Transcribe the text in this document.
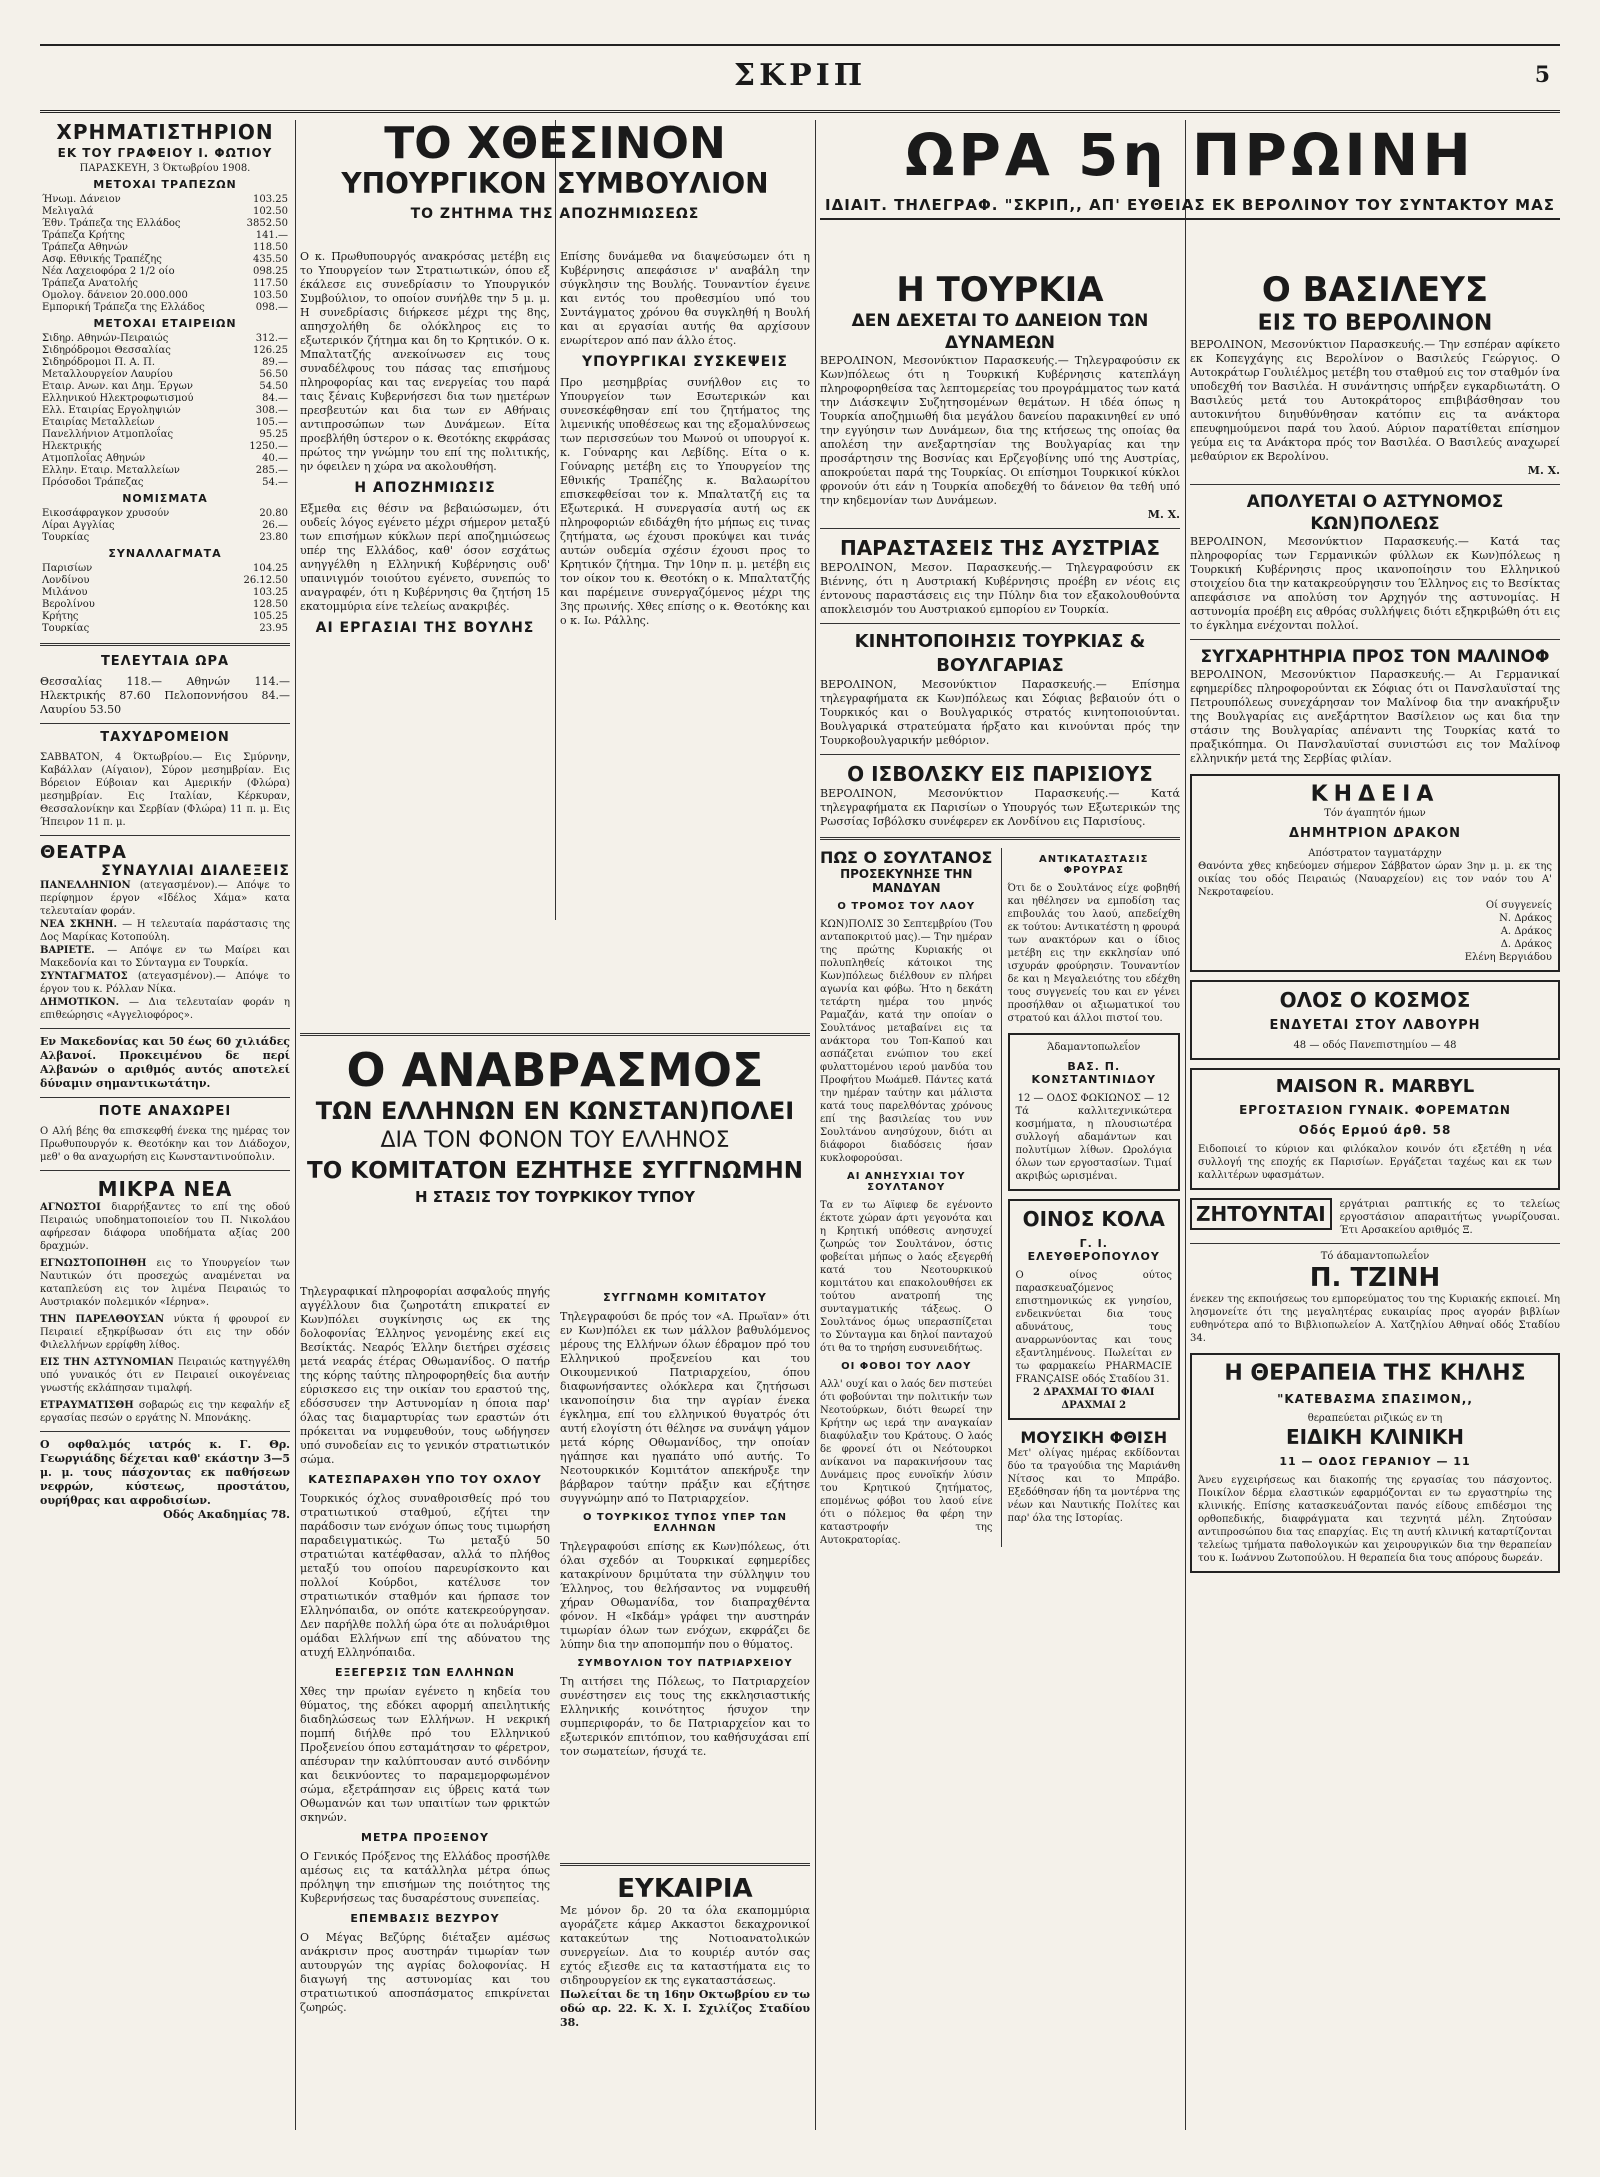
ΣΚΡΙΠ	5
ΧΡΗΜΑΤΙΣΤΗΡΙΟΝ
ΕΚ ΤΟΥ ΓΡΑΦΕΙΟΥ Ι. ΦΩΤΙΟΥ
ΠΑΡΑΣΚΕΥΗ, 3 Όκτωβρίου 1908.
ΜΕΤΟΧΑΙ ΤΡΑΠΕΖΩΝ
Ήνωμ. Δάνειον	103.25
Μελιγαλά	102.50
Έθν. Τράπεζα της Ελλάδος	3852.50
Τράπεζα Κρήτης	141.—
Τράπεζα Αθηνών	118.50
Ασφ. Εθνικής Τραπέζης	435.50
Νέα Λαχειοφόρα 2 1/2 οίο	098.25
Τράπεζα Ανατολής	117.50
Ομολογ. δάνειον 20.000.000	103.50
Εμπορική Τράπεζα της Ελλάδος	098.—
ΜΕΤΟΧΑΙ ΕΤΑΙΡΕΙΩΝ
Σιδηρ. Αθηνών-Πειραιώς	312.—
Σιδηρόδρομοι Θεσσαλίας	126.25
Σιδηρόδρομοι Π. Α. Π.	89.—
Μεταλλουργείον Λαυρίου	56.50
Εταιρ. Ανων. και Δημ. Έργων	54.50
Ελληνικού Ηλεκτροφωτισμού	84.—
Ελλ. Εταιρίας Εργοληψιών	308.—
Εταιρίας Μεταλλείων	105.—
Πανελλήνιον Ατμοπλοΐας	95.25
Ηλεκτρικής	1250.—
Ατμοπλοΐας Αθηνών	40.—
Ελλην. Εταιρ. Μεταλλείων	285.—
Πρόσοδοι Τράπεζας	54.—
ΝΟΜΙΣΜΑΤΑ
Εικοσάφραγκον χρυσούν	20.80
Λίραι Αγγλίας	26.—
Τουρκίας	23.80
ΣΥΝΑΛΛΑΓΜΑΤΑ
Παρισίων	104.25
Λονδίνου	26.12.50
Μιλάνου	103.25
Βερολίνου	128.50
Κρήτης	105.25
Τουρκίας	23.95
ΤΕΛΕΥΤΑΙΑ ΩΡΑ
Θεσσαλίας 118.— Αθηνών 114.— Ηλεκτρικής 87.60 Πελοποννήσου 84.— Λαυρίου 53.50
ΤΑΧΥΔΡΟΜΕΙΟΝ
ΣΑΒΒΑΤΟΝ, 4 Όκτωβρίου.— Εις Σμύρνην, Καβάλλαν (Αίγαιον), Σύρον μεσημβρίαν. Εις Βόρειον Εύβοιαν και Αμερικήν (Φλώρα) μεσημβρίαν. Εις Ιταλίαν, Κέρκυραν, Θεσσαλονίκην και Σερβίαν (Φλώρα) 11 π. μ. Εις Ήπειρον 11 π. μ.
ΘΕΑΤΡΑ
ΣΥΝΑΥΛΙΑΙ ΔΙΑΛΕΞΕΙΣ
ΠΑΝΕΛΛΗΝΙΟΝ (ατεγασμένον).— Απόψε το περίφημον έργον «Ιδέλος Χάμα» κατα τελευταίαν φοράν.
ΝΕΑ ΣΚΗΝΗ. — Η τελευταία παράστασις της Δος Μαρίκας Κοτοπούλη.
ΒΑΡΙΕΤΕ. — Απόψε εν τω Μαίρει και Μακεδονία και το Σύνταγμα εν Τουρκία.
ΣΥΝΤΑΓΜΑΤΟΣ (ατεγασμένον).— Απόψε το έργον του κ. Ρόλλαν Νίκα.
ΔΗΜΟΤΙΚΟΝ. — Δια τελευταίαν φοράν η επιθεώρησις «Αγγελιοφόρος».
Εν Μακεδονίας και 50 έως 60 χιλιάδες Αλβανοί. Προκειμένου δε περί Αλβανών ο αριθμός αυτός αποτελεί δύναμιν σημαντικωτάτην.
ΠΟΤΕ ΑΝΑΧΩΡΕΙ
Ο Αλή βέης θα επισκεφθή ένεκα της ημέρας τον Πρωθυπουργόν κ. Θεοτόκην και τον Διάδοχον, μεθ' ο θα αναχωρήση εις Κωνσταντινούπολιν.
ΜΙΚΡΑ ΝΕΑ
ΑΓΝΩΣΤΟΙ διαρρήξαντες το επί της οδού Πειραιώς υποδηματοποιείον του Π. Νικολάου αφήρεσαν διάφορα υποδήματα αξίας 200 δραχμών.
ΕΓΝΩΣΤΟΠΟΙΗΘΗ εις το Υπουργείον των Ναυτικών ότι προσεχώς αναμένεται να καταπλεύση εις τον λιμένα Πειραιώς το Αυστριακόν πολεμικόν «Ιέρηνα».
ΤΗΝ ΠΑΡΕΛΘΟΥΣΑΝ νύκτα ή φρουροί εν Πειραιεί εξηκρίβωσαν ότι εις την οδόν Φιλελλήνων ερρίφθη λίθος.
ΕΙΣ ΤΗΝ ΑΣΤΥΝΟΜΙΑΝ Πειραιώς κατηγγέλθη υπό γυναικός ότι εν Πειραιεί οικογένειας γνωστής εκλάπησαν τιμαλφή.
ΕΤΡΑΥΜΑΤΙΣΘΗ σοβαρώς εις την κεφαλήν εξ εργασίας πεσών ο εργάτης Ν. Μπονάκης.
Ο οφθαλμός ιατρός κ. Γ. Θρ. Γεωργιάδης δέχεται καθ' εκάστην 3—5 μ. μ. τους πάσχοντας εκ παθήσεων νεφρών, κύστεως, προστάτου, ουρήθρας και αφροδισίων.
Οδός Ακαδημίας 78.
ΤΟ ΧΘΕΣΙΝΟΝ
ΥΠΟΥΡΓΙΚΟΝ ΣΥΜΒΟΥΛΙΟΝ
ΤΟ ΖΗΤΗΜΑ ΤΗΣ ΑΠΟΖΗΜΙΩΣΕΩΣ
Ο κ. Πρωθυπουργός ανακρόσας μετέβη εις το Υπουργείον των Στρατιωτικών, όπου εξ έκάλεσε εις συνεδρίασιν το Υπουργικόν Συμβούλιον, το οποίον συνήλθε την 5 μ. μ. Η συνεδρίασις διήρκεσε μέχρι της 8ης, απησχολήθη δε ολόκληρος εις το εξωτερικόν ζήτημα και δη το Κρητικόν. Ο κ. Μπαλτατζής ανεκοίνωσεν εις τους συναδέλφους του πάσας τας επισήμους πληροφορίας και τας ενεργείας του παρά ταις ξέναις Κυβερνήσεσι δια των ημετέρων πρεσβευτών και δια των εν Αθήναις αντιπροσώπων των Δυνάμεων. Είτα προεβλήθη ύστερον ο κ. Θεοτόκης εκφράσας πρώτος την γνώμην του επί της πολιτικής, ην όφειλεν η χώρα να ακολουθήση.
Η ΑΠΟΖΗΜΙΩΣΙΣ
Εξμεθα εις θέσιν να βεβαιώσωμεν, ότι ουδείς λόγος εγένετο μέχρι σήμερον μεταξύ των επισήμων κύκλων περί αποζημιώσεως υπέρ της Ελλάδος, καθ' όσον εσχάτως ανηγγέλθη η Ελληνική Κυβέρνησις ουδ' υπαινιγμόν τοιούτου εγένετο, συνεπώς το αναγραφέν, ότι η Κυβέρνησις θα ζητήση 15 εκατομμύρια είνε τελείως ανακριβές.
ΑΙ ΕΡΓΑΣΙΑΙ ΤΗΣ ΒΟΥΛΗΣ
Επίσης δυνάμεθα να διαψεύσωμεν ότι η Κυβέρνησις απεφάσισε ν' αναβάλη την σύγκλησιν της Βουλής. Τουναντίον έγεινε και εντός του προθεσμίου υπό του Συντάγματος χρόνου θα συγκληθή η Βουλή και αι εργασίαι αυτής θα αρχίσουν ενωρίτερον από παν άλλο έτος.
ΥΠΟΥΡΓΙΚΑΙ ΣΥΣΚΕΨΕΙΣ
Προ μεσημβρίας συνήλθον εις το Υπουργείον των Εσωτερικών και συνεσκέφθησαν επί του ζητήματος της λιμενικής υποθέσεως και της εξομαλύνσεως των περισσεύων του Μωνού οι υπουργοί κ. κ. Γούναρης και Λεβίδης. Είτα ο κ. Γούναρης μετέβη εις το Υπουργείον της Εθνικής Τραπέζης κ. Βαλαωρίτου επισκεφθείσαι τον κ. Μπαλτατζή εις τα Εξωτερικά. Η συνεργασία αυτή ως εκ πληροφοριών εδιδάχθη ήτο μήπως εις τινας ζητήματα, ως έχουσι προκύψει και τινάς αυτών ουδεμία σχέσιν έχουσι προς το Κρητικόν ζήτημα. Την 10ην π. μ. μετέβη εις τον οίκον του κ. Θεοτόκη ο κ. Μπαλτατζής και παρέμεινε συνεργαζόμενος μέχρι της 3ης πρωινής. Χθες επίσης ο κ. Θεοτόκης και ο κ. Ιω. Ράλλης.
Ο ΑΝΑΒΡΑΣΜΟΣ
ΤΩΝ ΕΛΛΗΝΩΝ ΕΝ ΚΩΝΣΤΑΝ)ΠΟΛΕΙ
ΔΙΑ ΤΟΝ ΦΟΝΟΝ ΤΟΥ ΕΛΛΗΝΟΣ
ΤΟ ΚΟΜΙΤΑΤΟΝ ΕΖΗΤΗΣΕ ΣΥΓΓΝΩΜΗΝ
Η ΣΤΑΣΙΣ ΤΟΥ ΤΟΥΡΚΙΚΟΥ ΤΥΠΟΥ
Τηλεγραφικαί πληροφορίαι ασφαλούς πηγής αγγέλλουν δια ζωηροτάτη επικρατεί εν Κων)πόλει συγκίνησις ως εκ της δολοφονίας Έλληνος γενομένης εκεί εις Βεσίκτάς. Νεαρός Έλλην διετήρει σχέσεις μετά νεαράς έτέρας Οθωμανίδος. Ο πατήρ της κόρης ταύτης πληροφορηθείς δια αυτήν εύρισκεσο εις την οικίαν του εραστού της, εδόσσυσεν την Αστυνομίαν η όποια παρ' όλας τας διαμαρτυρίας των εραστών ότι πρόκειται να νυμφευθούν, τους ωδήγησεν υπό συνοδείαν εις το γενικόν στρατιωτικόν σώμα.
ΚΑΤΕΣΠΑΡΑΧΘΗ ΥΠΟ ΤΟΥ ΟΧΛΟΥ
Τουρκικός όχλος συναθροισθείς πρό του στρατιωτικού σταθμού, εζήτει την παράδοσιν των ενόχων όπως τους τιμωρήση παραδειγματικώς. Τω μεταξύ 50 στρατιώται κατέφθασαν, αλλά το πλήθος μεταξύ του οποίου παρευρίσκοντο και πολλοί Κούρδοι, κατέλυσε τον στρατιωτικόν σταθμόν και ήρπασε τον Ελληνόπαιδα, ον οπότε κατεκρεούργησαν. Δεν παρήλθε πολλή ώρα ότε αι πολυάριθμοι ομάδαι Ελλήνων επί της αδύνατου της ατυχή Ελληνόπαιδα.
ΕΞΕΓΕΡΣΙΣ ΤΩΝ ΕΛΛΗΝΩΝ
Χθες την πρωίαν εγένετο η κηδεία του θύματος, της εδόκει αφορμή απειλητικής διαδηλώσεως των Ελλήνων. Η νεκρική πομπή διήλθε πρό του Ελληνικού Προξενείου όπου εσταμάτησαν το φέρετρον, απέσυραν την καλύπτουσαν αυτό σινδόνην και δεικνύοντες το παραμεμορφωμένον σώμα, εξετράπησαν εις ύβρεις κατά των Οθωμανών και των υπαιτίων των φρικτών σκηνών.
ΜΕΤΡΑ ΠΡΟΞΕΝΟΥ
Ο Γενικός Πρόξενος της Ελλάδος προσήλθε αμέσως εις τα κατάλληλα μέτρα όπως πρόληψη την επισήμων της ποιότητος της Κυβερνήσεως τας δυσαρέστους συνεπείας.
ΕΠΕΜΒΑΣΙΣ ΒΕΖΥΡΟΥ
Ο Μέγας Βεζύρης διέταξεν αμέσως ανάκρισιν προς αυστηράν τιμωρίαν των αυτουργών της αγρίας δολοφονίας. Η διαγωγή της αστυνομίας και του στρατιωτικού αποσπάσματος επικρίνεται ζωηρώς.
ΣΥΓΓΝΩΜΗ ΚΟΜΙΤΑΤΟΥ
Τηλεγραφούσι δε πρός τον «Α. Πρωϊαν» ότι εν Κων)πόλει εκ των μάλλον βαθυλόμενος μέρους της Ελλήνων όλων έδραμον πρό του Ελληνικού προξενείου και του Οικουμενικού Πατριαρχείου, όπου διαφωνήσαντες ολόκλερα και ζητήσωσι ικανοποίησιν δια την αγρίαν ένεκα έγκλημα, επί του ελληνικού θυγατρός ότι αυτή ελογίστη ότι θέλησε να συνάψη γάμον μετά κόρης Οθωμανίδος, την οποίαν ηγάπησε και ηγαπάτο υπό αυτής. Το Νεοτουρκικόν Κομιτάτον απεκήρυξε την βάρβαρον ταύτην πράξιν και εζήτησε συγγνώμην από το Πατριαρχείον.
Ο ΤΟΥΡΚΙΚΟΣ ΤΥΠΟΣ ΥΠΕΡ ΤΩΝ ΕΛΛΗΝΩΝ
Τηλεγραφούσι επίσης εκ Κων)πόλεως, ότι όλαι σχεδόν αι Τουρκικαί εφημερίδες κατακρίνουν δριμύτατα την σύλληψιν του Έλληνος, του θελήσαντος να νυμφευθή χήραν Οθωμανίδα, τον διαπραχθέντα φόνον. Η «Ικδάμ» γράφει την αυστηράν τιμωρίαν όλων των ενόχων, εκφράζει δε λύπην δια την αποπομπήν που ο θύματος.
ΣΥΜΒΟΥΛΙΟΝ ΤΟΥ ΠΑΤΡΙΑΡΧΕΙΟΥ
Τη αιτήσει της Πόλεως, το Πατριαρχείον συνέστησεν εις τους της εκκλησιαστικής Ελληνικής κοινότητος ήσυχον την συμπεριφοράν, το δε Πατριαρχείον και το εξωτερικόν επιτόπιον, του καθήσυχάσαι επί τον σωματείων, ήσυχά τε.
ΕΥΚΑΙΡΙΑ
Με μόνον δρ. 20 τα όλα εκαπομμύρια αγοράζετε κάμερ Ακκαστοι δεκαχρονικοί κατακεύτων της Νοτιοανατολικών συνεργείων. Δια το κουριέρ αυτόν σας εχτός εξιεσθε εις τα καταστήματα εις το σιδηρουργείον εκ της εγκαταστάσεως.
Πωλείται δε τη 16ην Οκτωβρίου εν τω οδώ αρ. 22. Κ. Χ. Ι. Σχιλίζος Σταδίου 38.
ΩΡΑ 5η ΠΡΩΙΝΗ
ΙΔΙΑΙΤ. ΤΗΛΕΓΡΑΦ. "ΣΚΡΙΠ,, ΑΠ' ΕΥΘΕΙΑΣ ΕΚ ΒΕΡΟΛΙΝΟΥ ΤΟΥ ΣΥΝΤΑΚΤΟΥ ΜΑΣ
Η ΤΟΥΡΚΙΑ
ΔΕΝ ΔΕΧΕΤΑΙ ΤΟ ΔΑΝΕΙΟΝ ΤΩΝ ΔΥΝΑΜΕΩΝ
ΒΕΡΟΛΙΝΟΝ, Μεσονύκτιον Παρασκευής.— Τηλεγραφούσιν εκ Κων)πόλεως ότι η Τουρκική Κυβέρνησις κατεπλάγη πληροφορηθείσα τας λεπτομερείας του προγράμματος των κατά την Διάσκεψιν Συζητησομένων θεμάτων. Η ιδέα όπως η Τουρκία αποζημιωθή δια μεγάλου δανείου παρακινηθεί εν υπό την εγγύησιν των Δυνάμεων, δια της κτήσεως της οποίας θα απολέση την ανεξαρτησίαν της Βουλγαρίας και την προσάρτησιν της Βοσνίας και Ερζεγοβίνης υπό της Αυστρίας, αποκρούεται παρά της Τουρκίας. Οι επίσημοι Τουρκικοί κύκλοι φρονούν ότι εάν η Τουρκία αποδεχθή το δάνειον θα τεθή υπό την κηδεμονίαν των Δυνάμεων.
Μ. Χ.
ΠΑΡΑΣΤΑΣΕΙΣ ΤΗΣ ΑΥΣΤΡΙΑΣ
ΒΕΡΟΛΙΝΟΝ, Μεσον. Παρασκευής.— Τηλεγραφούσιν εκ Βιέννης, ότι η Αυστριακή Κυβέρνησις προέβη εν νέοις εις έντονους παραστάσεις εις την Πύλην δια τον εξακολουθούντα αποκλεισμόν του Αυστριακού εμπορίου εν Τουρκία.
ΚΙΝΗΤΟΠΟΙΗΣΙΣ ΤΟΥΡΚΙΑΣ & ΒΟΥΛΓΑΡΙΑΣ
ΒΕΡΟΛΙΝΟΝ, Μεσονύκτιον Παρασκευής.— Επίσημα τηλεγραφήματα εκ Κων)πόλεως και Σόφιας βεβαιούν ότι ο Τουρκικός και ο Βουλγαρικός στρατός κινητοποιούνται. Βουλγαρικά στρατεύματα ήρξατο και κινούνται πρός την Τουρκοβουλγαρικήν μεθόριον.
Ο ΙΣΒΟΛΣΚΥ ΕΙΣ ΠΑΡΙΣΙΟΥΣ
ΒΕΡΟΛΙΝΟΝ, Μεσονύκτιον Παρασκευής.— Κατά τηλεγραφήματα εκ Παρισίων ο Υπουργός των Εξωτερικών της Ρωσσίας Ισβόλσκυ συνέφερεν εκ Λονδίνου εις Παρισίους.
ΠΩΣ Ο ΣΟΥΛΤΑΝΟΣ
ΠΡΟΣΕΚΥΝΗΣΕ ΤΗΝ ΜΑΝΔΥΑΝ
Ο ΤΡΟΜΟΣ ΤΟΥ ΛΑΟΥ
ΚΩΝ)ΠΟΛΙΣ 30 Σεπτεμβρίου (Του ανταποκριτού μας).— Την ημέραν της πρώτης Κυριακής οι πολυπληθείς κάτοικοι της Κων)πόλεως διέλθουν εν πλήρει αγωνία και φόβω. Ήτο η δεκάτη τετάρτη ημέρα του μηνός Ραμαζάν, κατά την οποίαν ο Σουλτάνος μεταβαίνει εις τα ανάκτορα του Τοπ-Καπού και ασπάζεται ενώπιον του εκεί φυλαττομένου ιερού μανδύα του Προφήτου Μωάμεθ. Πάντες κατά την ημέραν ταύτην και μάλιστα κατά τους παρελθόντας χρόνους επί της βασιλείας του νυν Σουλτάνου ανησύχουν, διότι αι διάφοροι διαδόσεις ήσαν κυκλοφορούσαι.
ΑΙ ΑΝΗΣΥΧΙΑΙ ΤΟΥ ΣΟΥΛΤΑΝΟΥ
Τα εν τω Αϊφιεφ δε εγένοντο έκτοτε χώραν άρτι γεγονότα και η Κρητική υπόθεσις ανησυχεί ζωηρώς τον Σουλτάνον, όστις φοβείται μήπως ο λαός εξεγερθή κατά του Νεοτουρκικού κομιτάτου και επακολουθήσει εκ τούτου ανατροπή της συνταγματικής τάξεως. Ο Σουλτάνος όμως υπερασπίζεται το Σύνταγμα και δηλοί πανταχού ότι θα το τηρήση ευσυνειδήτως.
ΟΙ ΦΟΒΟΙ ΤΟΥ ΛΑΟΥ
Αλλ' ουχί και ο λαός δεν πιστεύει ότι φοβούνται την πολιτικήν των Νεοτούρκων, διότι θεωρεί την Κρήτην ως ιερά την αναγκαίαν διαφύλαξιν του Κράτους. Ο λαός δε φρονεί ότι οι Νεότουρκοι ανίκανοι να παρακινήσουν τας Δυνάμεις προς ευνοϊκήν λύσιν του Κρητικού ζητήματος, επομένως φόβοι του λαού είνε ότι ο πόλεμος θα φέρη την καταστροφήν της Αυτοκρατορίας.
ΑΝΤΙΚΑΤΑΣΤΑΣΙΣ ΦΡΟΥΡΑΣ
Ότι δε ο Σουλτάνος είχε φοβηθή και ηθέλησεν να εμποδίση τας επιβουλάς του λαού, απεδείχθη εκ τούτου: Αντικατέστη η φρουρά των ανακτόρων και ο ίδιος μετέβη εις την εκκλησίαν υπό ισχυράν φρούρησιν. Τουναντίον δε και η Μεγαλειότης του εδέχθη τους συγγενείς του και εν γένει προσήλθαν οι αξιωματικοί του στρατού και άλλοι πιστοί του.
Άδαμαντοπωλεΐον
ΒΑΣ. Π. ΚΟΝΣΤΑΝΤΙΝΙΔΟΥ
12 — ΟΔΟΣ ΦΩΚΙΩΝΟΣ — 12
Τά καλλιτεχνικώτερα κοσμήματα, η πλουσιωτέρα συλλογή αδαμάντων και πολυτίμων λίθων. Ωρολόγια όλων των εργοστασίων. Τιμαί ακριβώς ωρισμέναι.
ΟΙΝΟΣ ΚΟΛΑ
Γ. Ι. ΕΛΕΥΘΕΡΟΠΟΥΛΟΥ
Ο οίνος ούτος παρασκευαζόμενος επιστημονικώς εκ γνησίου, ενδεικνύεται δια τους αδυνάτους, τους αναρρωνύοντας και τους εξαντλημένους. Πωλείται εν τω φαρμακείω PHARMACIE FRANÇAISE οδός Σταδίου 31.
2 ΔΡΑΧΜΑΙ ΤΟ ΦΙΑΛΙ ΔΡΑΧΜΑΙ 2
ΜΟΥΣΙΚΗ ΦΘΙΣΗ
Μετ' ολίγας ημέρας εκδίδονται δύο τα τραγούδια της Μαριάνθη Νίτσος και το Μπράβο. Εξεδόθησαν ήδη τα μοντέρνα της νέων και Ναυτικής Πολίτες και παρ' όλα της Ιστορίας.
Ο ΒΑΣΙΛΕΥΣ
ΕΙΣ ΤΟ ΒΕΡΟΛΙΝΟΝ
ΒΕΡΟΛΙΝΟΝ, Μεσονύκτιον Παρασκευής.— Την εσπέραν αφίκετο εκ Κοπεγχάγης εις Βερολίνον ο Βασιλεύς Γεώργιος. Ο Αυτοκράτωρ Γουλιέλμος μετέβη του σταθμού εις τον σταθμόν ίνα υποδεχθή τον Βασιλέα. Η συνάντησις υπήρξεν εγκαρδιωτάτη. Ο Βασιλεύς μετά του Αυτοκράτορος επιβιβάσθησαν του αυτοκινήτου διηυθύνθησαν κατόπιν εις τα ανάκτορα επευφημούμενοι παρά του λαού. Αύριον παρατίθεται επίσημον γεύμα εις τα Ανάκτορα πρός τον Βασιλέα. Ο Βασιλεύς αναχωρεί μεθαύριον εκ Βερολίνου.
Μ. Χ.
ΑΠΟΛΥΕΤΑΙ Ο ΑΣΤΥΝΟΜΟΣ ΚΩΝ)ΠΟΛΕΩΣ
ΒΕΡΟΛΙΝΟΝ, Μεσονύκτιον Παρασκευής.— Κατά τας πληροφορίας των Γερμανικών φύλλων εκ Κων)πόλεως η Τουρκική Κυβέρνησις προς ικανοποίησιν του Ελληνικού στοιχείου δια την κατακρεούργησιν του Έλληνος εις το Βεσίκτας απεφάσισε να απολύση τον Αρχηγόν της αστυνομίας. Η αστυνομία προέβη εις αθρόας συλλήψεις διότι εξηκριβώθη ότι εις το έγκλημα ενέχονται πολλοί.
ΣΥΓΧΑΡΗΤΗΡΙΑ ΠΡΟΣ ΤΟΝ ΜΑΛΙΝΟΦ
ΒΕΡΟΛΙΝΟΝ, Μεσονύκτιον Παρασκευής.— Αι Γερμανικαί εφημερίδες πληροφορούνται εκ Σόφιας ότι οι Πανσλαυϊσταί της Πετρουπόλεως συνεχάρησαν τον Μαλίνοφ δια την ανακήρυξιν της Βουλγαρίας εις ανεξάρτητον Βασίλειον ως και δια την στάσιν της Βουλγαρίας απέναντι της Τουρκίας κατά το πραξικόπημα. Οι Πανσλαυϊσταί συνιστώσι εις τον Μαλίνοφ ελληνικήν μετά της Σερβίας φιλίαν.
ΚΗΔΕΙΑ
Τόν άγαπητόν ήμων
ΔΗΜΗΤΡΙΟΝ ΔΡΑΚΟΝ
Απόστρατον ταγματάρχην
Θανόντα χθες κηδεύομεν σήμερον Σάββατον ώραν 3ην μ. μ. εκ της οικίας του οδός Πειραιώς (Ναυαρχείον) εις τον ναόν του Α' Νεκροταφείου.
Οί συγγενείς
Ν. Δράκος
Α. Δράκος
Δ. Δράκος
Ελένη Βεργιάδου
ΟΛΟΣ Ο ΚΟΣΜΟΣ
ΕΝΔΥΕΤΑΙ ΣΤΟΥ ΛΑΒΟΥΡΗ
48 — οδός Πανεπιστημίου — 48
MAISON R. MARBYL
ΕΡΓΟΣΤΑΣΙΟΝ ΓΥΝΑΙΚ. ΦΟΡΕΜΑΤΩΝ
Οδός Ερμού άρθ. 58
Ειδοποιεί το κύριον και φιλόκαλον κοινόν ότι εξετέθη η νέα συλλογή της εποχής εκ Παρισίων. Εργάζεται ταχέως και εκ των καλλιτέρων υφασμάτων.
ΖΗΤΟΥΝΤΑΙ	εργάτριαι ραπτικής ες το τελείως εργοστάσιον απαραιτήτως γνωρίζουσαι. Έτι Αρσακείου αριθμός Ξ.
Τό άδαμαντοπωλεΐον
Π. ΤΖΙΝΗ
ένεκεν της εκποιήσεως του εμπορεύματος του της Κυριακής εκποιεί. Μη λησμονείτε ότι της μεγαλητέρας ευκαιρίας προς αγοράν βιβλίων ευθηνότερα από το Βιβλιοπωλείον Α. Χατζηλίου Αθηναί οδός Σταδίου 34.
Η ΘΕΡΑΠΕΙΑ ΤΗΣ ΚΗΛΗΣ
"ΚΑΤΕΒΑΣΜΑ ΣΠΑΣΙΜΟΝ,,
θεραπεύεται ριζικώς εν τη
ΕΙΔΙΚΗ ΚΛΙΝΙΚΗ
11 — ΟΔΟΣ ΓΕΡΑΝΙΟΥ — 11
Άνευ εγχειρήσεως και διακοπής της εργασίας του πάσχοντος. Ποικίλον δέρμα ελαστικών εφαρμόζονται εν τω εργαστηρίω της κλινικής. Επίσης κατασκευάζονται πανός είδους επιδέσμοι της ορθοπεδικής, διαφράγματα και τεχνητά μέλη. Ζητούσαν αντιπροσώπου δια τας επαρχίας. Εις τη αυτή κλινική καταρτίζονται τελείως τμήματα παθολογικών και χειρουργικών δια την θεραπείαν του κ. Ιωάννου Ζωτοπούλου. Η θεραπεία δια τους απόρους δωρεάν.
